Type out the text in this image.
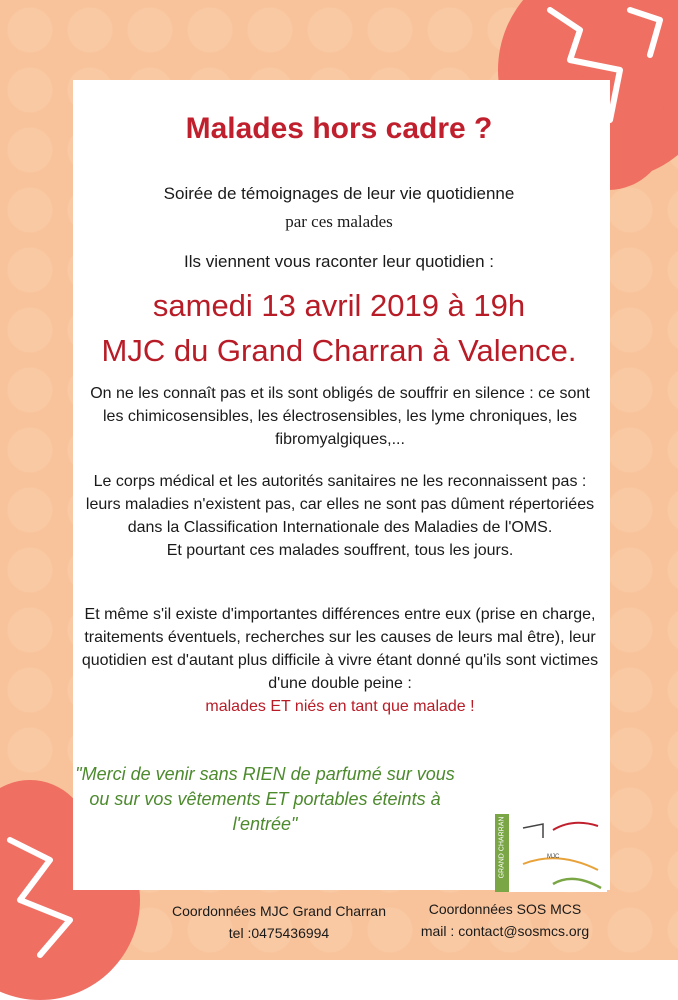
Malades hors cadre ?
Soirée de témoignages de leur vie quotidienne
par ces malades
Ils viennent vous raconter leur quotidien :
samedi 13 avril 2019 à 19h
MJC du Grand Charran à Valence.
On ne les connaît pas et ils sont obligés de souffrir en silence : ce sont les chimicosensibles, les électrosensibles, les lyme chroniques, les fibromyalgiques,...
Le corps médical et les autorités sanitaires ne les reconnaissent pas : leurs maladies n'existent pas, car elles ne sont pas dûment répertoriées dans la Classification Internationale des Maladies de l'OMS.
Et pourtant ces malades souffrent, tous les jours.
Et même s'il existe d'importantes différences entre eux (prise en charge, traitements éventuels, recherches sur les causes de leurs mal être), leur quotidien est d'autant plus difficile à vivre étant donné qu'ils sont victimes d'une double peine :
malades ET niés en tant que malade !
"Merci de venir sans RIEN de parfumé sur vous ou sur vos vêtements ET portables éteints à l'entrée"	GRAND CHARRAN	MJC
Coordonnées MJC Grand Charran
tel :0475436994
Coordonnées SOS MCS
mail : contact@sosmcs.org
